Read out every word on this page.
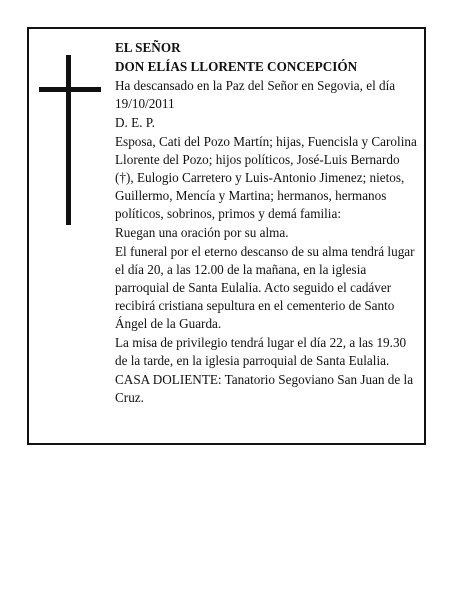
EL SEÑOR

DON ELÍAS LLORENTE CONCEPCIÓN

Ha descansado en la Paz del Señor en Segovia, el día 19/10/2011

D. E. P.

Esposa, Cati del Pozo Martín; hijas, Fuencisla y Carolina Llorente del Pozo; hijos políticos, José-Luis Bernardo (†), Eulogio Carretero y Luis-Antonio Jimenez; nietos, Guillermo, Mencía y Martina; hermanos, hermanos políticos, sobrinos, primos y demá familia:

Ruegan una oración por su alma.

El funeral por el eterno descanso de su alma tendrá lugar el día 20, a las 12.00 de la mañana, en la iglesia parroquial de Santa Eulalia. Acto seguido el cadáver recibirá cristiana sepultura en el cementerio de Santo Ángel de la Guarda.

La misa de privilegio tendrá lugar el día 22, a las 19.30 de la tarde, en la iglesia parroquial de Santa Eulalia.

CASA DOLIENTE: Tanatorio Segoviano San Juan de la Cruz.
